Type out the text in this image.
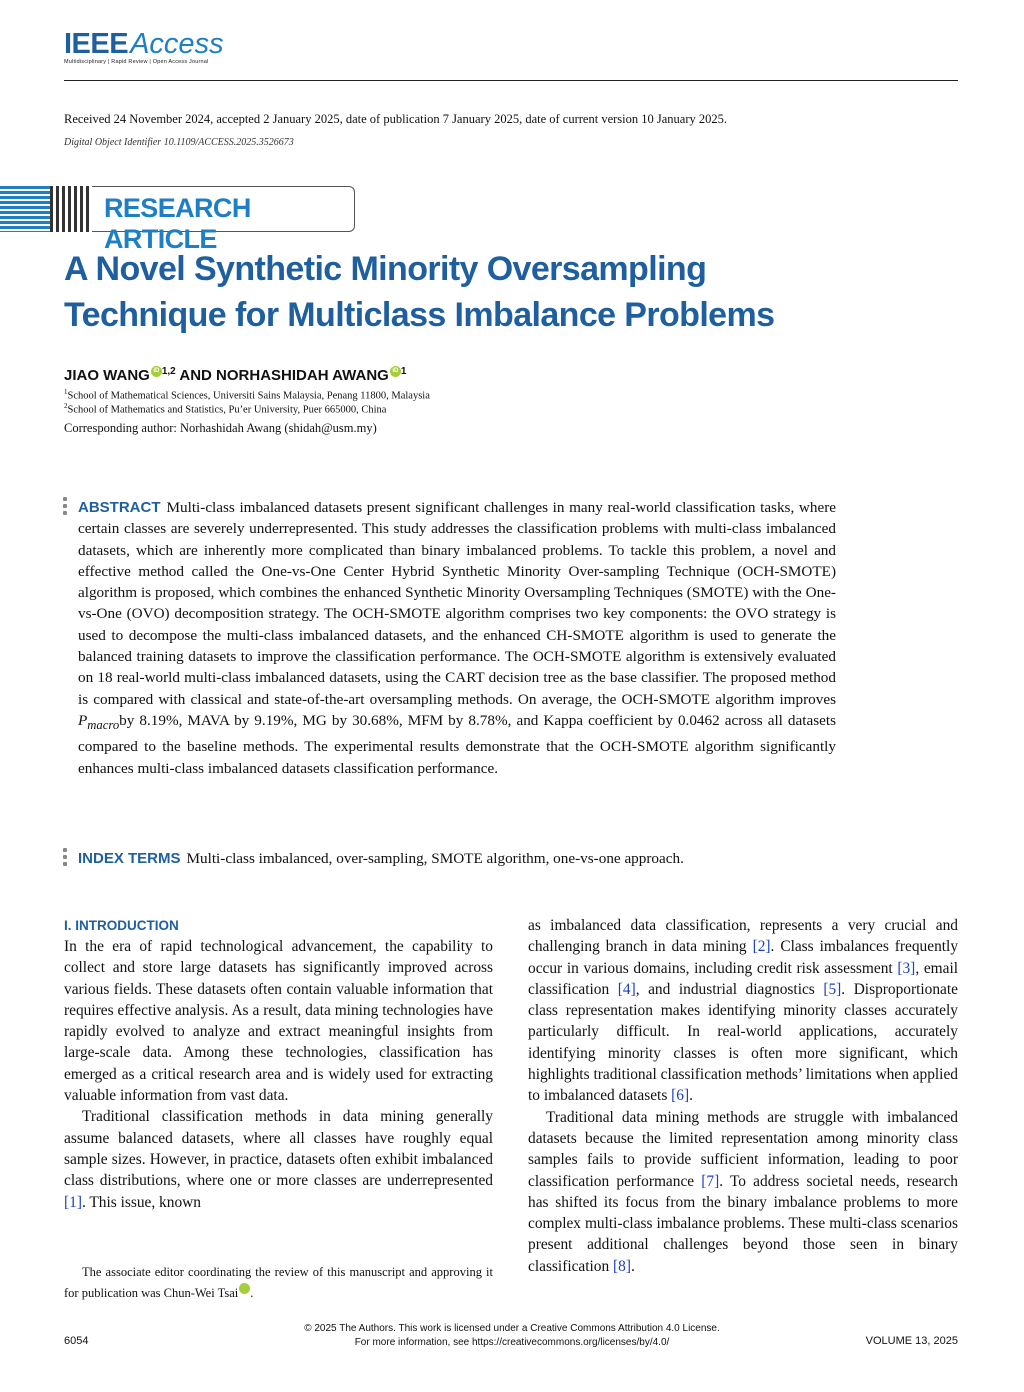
IEEEAccess
Multidisciplinary | Rapid Review | Open Access Journal
Received 24 November 2024, accepted 2 January 2025, date of publication 7 January 2025, date of current version 10 January 2025.
Digital Object Identifier 10.1109/ACCESS.2025.3526673
RESEARCH ARTICLE
A Novel Synthetic Minority Oversampling
Technique for Multiclass Imbalance Problems
JIAO WANG iD $^{1,2}$ AND NORHASHIDAH AWANG iD $^1$
$^1$School of Mathematical Sciences, Universiti Sains Malaysia, Penang 11800, Malaysia
$^2$School of Mathematics and Statistics, Pu’er University, Puer 665000, China
Corresponding author: Norhashidah Awang (shidah@usm.my)
ABSTRACT Multi-class imbalanced datasets present significant challenges in many real-world classification tasks, where certain classes are severely underrepresented. This study addresses the classification problems with multi-class imbalanced datasets, which are inherently more complicated than binary imbalanced problems. To tackle this problem, a novel and effective method called the One-vs-One Center Hybrid Synthetic Minority Over-sampling Technique (OCH-SMOTE) algorithm is proposed, which combines the enhanced Synthetic Minority Oversampling Techniques (SMOTE) with the One-vs-One (OVO) decomposition strategy. The OCH-SMOTE algorithm comprises two key components: the OVO strategy is used to decompose the multi-class imbalanced datasets, and the enhanced CH-SMOTE algorithm is used to generate the balanced training datasets to improve the classification performance. The OCH-SMOTE algorithm is extensively evaluated on 18 real-world multi-class imbalanced datasets, using the CART decision tree as the base classifier. The proposed method is compared with classical and state-of-the-art oversampling methods. On average, the OCH-SMOTE algorithm improves $P_{macro}by$ 8.19%, MAVA by 9.19%, MG by 30.68%, MFM by 8.78%, and Kappa coefficient by 0.0462 across all datasets compared to the baseline methods. The experimental results demonstrate that the OCH-SMOTE algorithm significantly enhances multi-class imbalanced datasets classification performance.
INDEX TERMS Multi-class imbalanced, over-sampling, SMOTE algorithm, one-vs-one approach.
I. INTRODUCTION

In the era of rapid technological advancement, the capability to collect and store large datasets has significantly improved across various fields. These datasets often contain valuable information that requires effective analysis. As a result, data mining technologies have rapidly evolved to analyze and extract meaningful insights from large-scale data. Among these technologies, classification has emerged as a critical research area and is widely used for extracting valuable information from vast data.

Traditional classification methods in data mining generally assume balanced datasets, where all classes have roughly equal sample sizes. However, in practice, datasets often exhibit imbalanced class distributions, where one or more classes are underrepresented [1]. This issue, known

as imbalanced data classification, represents a very crucial and challenging branch in data mining [2]. Class imbalances frequently occur in various domains, including credit risk assessment [3], email classification [4], and industrial diagnostics [5]. Disproportionate class representation makes identifying minority classes accurately particularly difficult. In real-world applications, accurately identifying minority classes is often more significant, which highlights traditional classification methods’ limitations when applied to imbalanced datasets [6].

Traditional data mining methods are struggle with imbalanced datasets because the limited representation among minority class samples fails to provide sufficient information, leading to poor classification performance [7]. To address societal needs, research has shifted its focus from the binary imbalance problems to more complex multi-class imbalance problems. These multi-class scenarios present additional challenges beyond those seen in binary classification [8].

The associate editor coordinating the review of this manuscript and approving it for publication was Chun-Wei Tsai	iD.

© 2025 The Authors. This work is licensed under a Creative Commons Attribution 4.0 License.
For more information, see https://creativecommons.org/licenses/by/4.0/
6054	VOLUME 13, 2025
